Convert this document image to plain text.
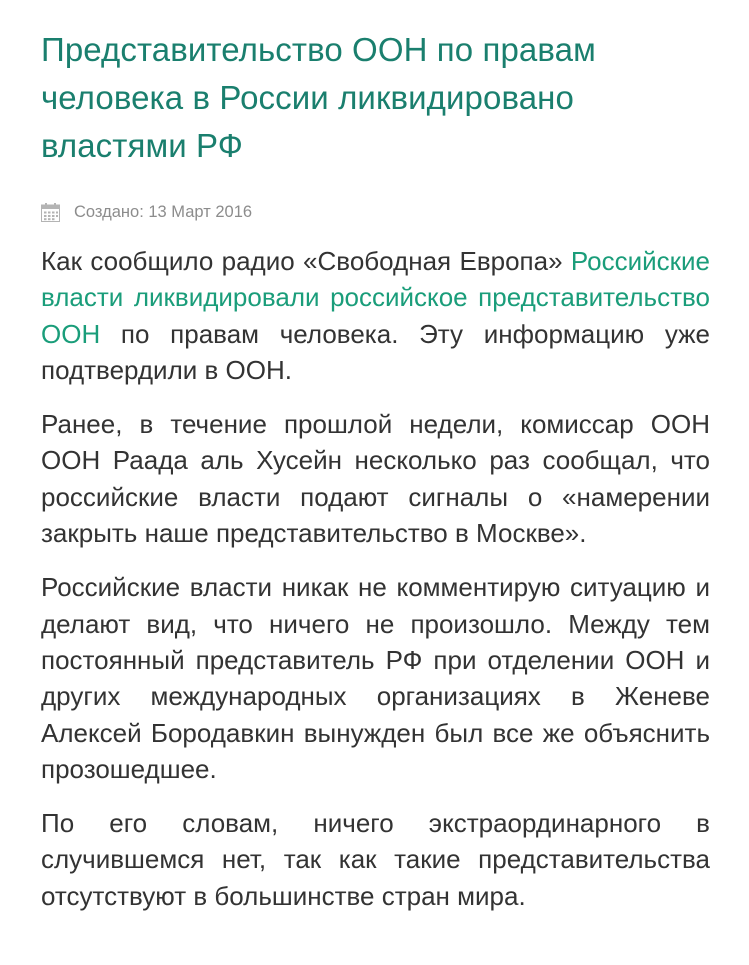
Представительство ООН по правам человека в России ликвидировано властями РФ
Создано: 13 Март 2016

Как сообщило радио «Свободная Европа» Российские власти ликвидировали российское представительство ООН по правам человека. Эту информацию уже подтвердили в ООН.

Ранее, в течение прошлой недели, комиссар ООН ООН Раада аль Хусейн несколько раз сообщал, что российские власти подают сигналы о «намерении закрыть наше представительство в Москве».

Российские власти никак не комментирую ситуацию и делают вид, что ничего не произошло. Между тем постоянный представитель РФ при отделении ООН и других международных организациях в Женеве Алексей Бородавкин вынужден был все же объяснить прозошедшее.

По его словам, ничего экстраординарного в случившемся нет, так как такие представительства отсутствуют в большинстве стран мира.
